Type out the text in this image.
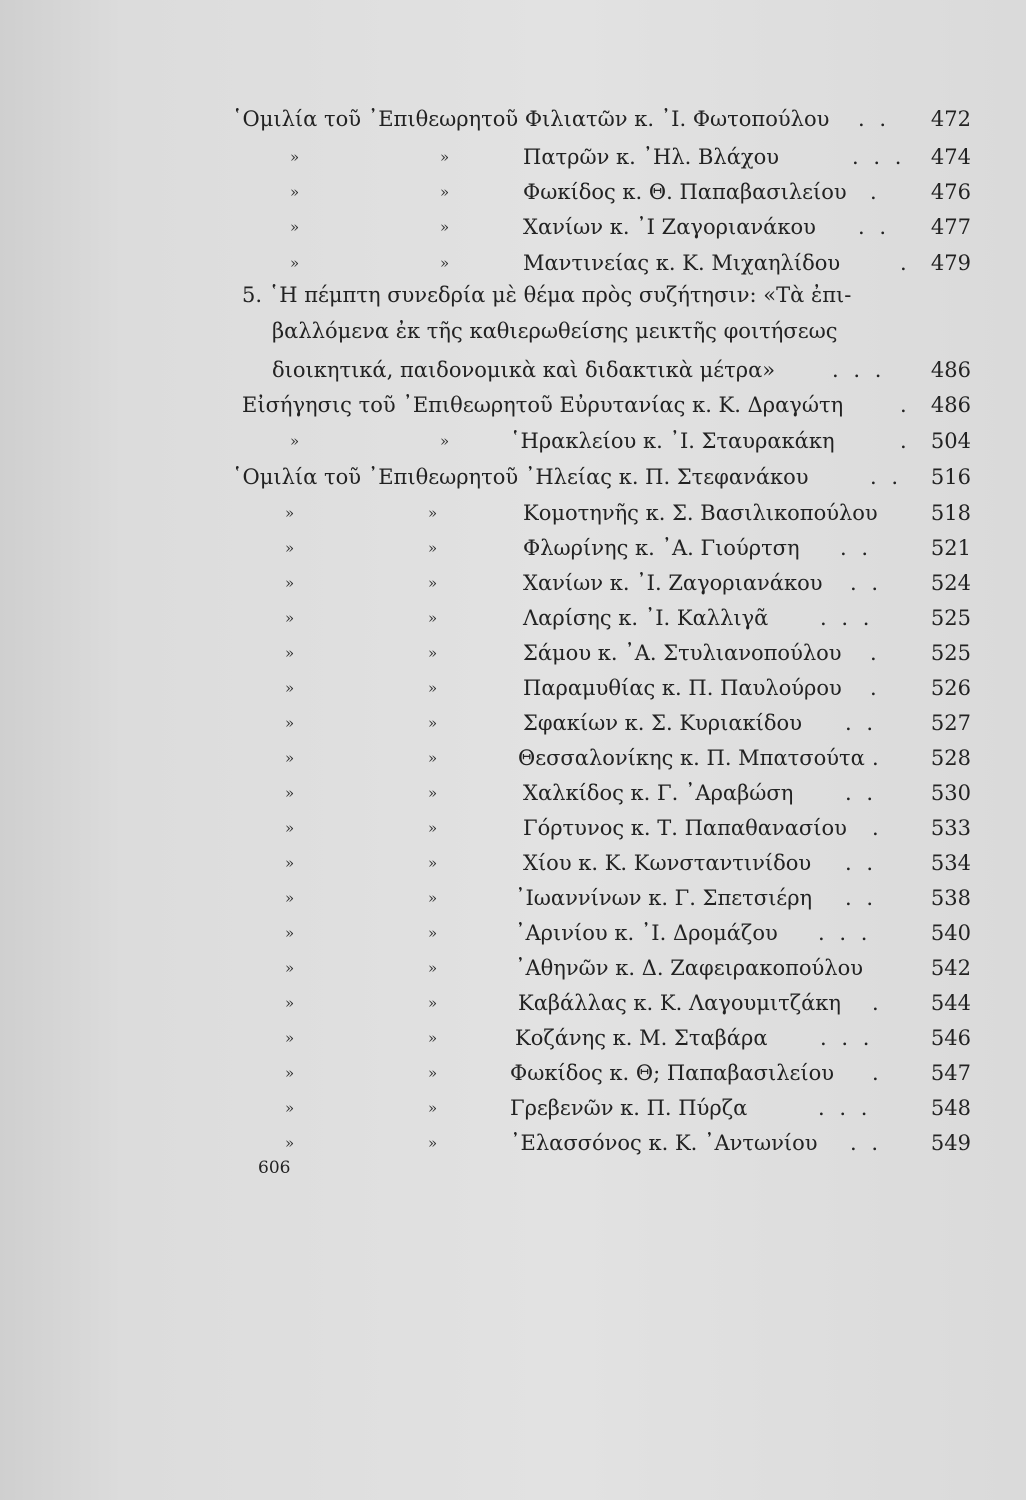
῾Ομιλία τοῦ ᾿Επιθεωρητοῦ Φιλιατῶν κ. ᾿Ι. Φωτοπούλου . . 472
»	»	Πατρῶν κ. ᾿Ηλ. Βλάχου	. . . 474
»	»	Φωκίδος κ. Θ. Παπαβασιλείου . 476
»	»	Χανίων κ. ᾿Ι Ζαγοριανάκου . . 477
»	»	Μαντινείας κ. Κ. Μιχαηλίδου	. 479
5. ῾Η πέμπτη συνεδρία μὲ θέμα πρὸς συζήτησιν: «Τὰ ἐπι-
βαλλόμενα ἐκ τῆς καθιερωθείσης μεικτῆς φοιτήσεως
διοικητικά, παιδονομικὰ καὶ διδακτικὰ μέτρα»	. . . 486
Εἰσήγησις τοῦ ᾿Επιθεωρητοῦ Εὐρυτανίας κ. Κ. Δραγώτη	. 486
»	»	῾Ηρακλείου κ. ᾿Ι. Σταυρακάκη	. 504
῾Ομιλία τοῦ ᾿Επιθεωρητοῦ ᾿Ηλείας κ. Π. Στεφανάκου	. . 516
»	»	Κομοτηνῆς κ. Σ. Βασιλικοπούλου	518
»	»	Φλωρίνης κ. ᾿Α. Γιούρτση . .	521
»	»	Χανίων κ. ᾿Ι. Ζαγοριανάκου . . 524
»	»	Λαρίσης κ. ᾿Ι. Καλλιγᾶ . . .	525
»	»	Σάμου κ. ᾿Α. Στυλιανοπούλου . 525
»	»	Παραμυθίας κ. Π. Παυλούρου . 526
»	»	Σφακίων κ. Σ. Κυριακίδου . .	527
»	»	Θεσσαλονίκης κ. Π. Μπατσούτα . 528
»	»	Χαλκίδος κ. Γ. ᾿Αραβώση . .	530
»	»	Γόρτυνος κ. Τ. Παπαθανασίου . 533
»	»	Χίου κ. Κ. Κωνσταντινίδου . .	534
»	»	᾿Ιωαννίνων κ. Γ. Σπετσιέρη . .	538
»	»	᾿Αρινίου κ. ᾿Ι. Δρομάζου . . .	540
»	»	᾿Αθηνῶν κ. Δ. Ζαφειρακοπούλου	542
»	»	Καβάλλας κ. Κ. Λαγουμιτζάκη . 544
»	»	Κοζάνης κ. Μ. Σταβάρα . . .	546
»	»	Φωκίδος κ. Θ; Παπαβασιλείου . 547
»	»	Γρεβενῶν κ. Π. Πύρζα	. . .	548
»	»	᾿Ελασσόνος κ. Κ. ᾿Αντωνίου . . 549
606
